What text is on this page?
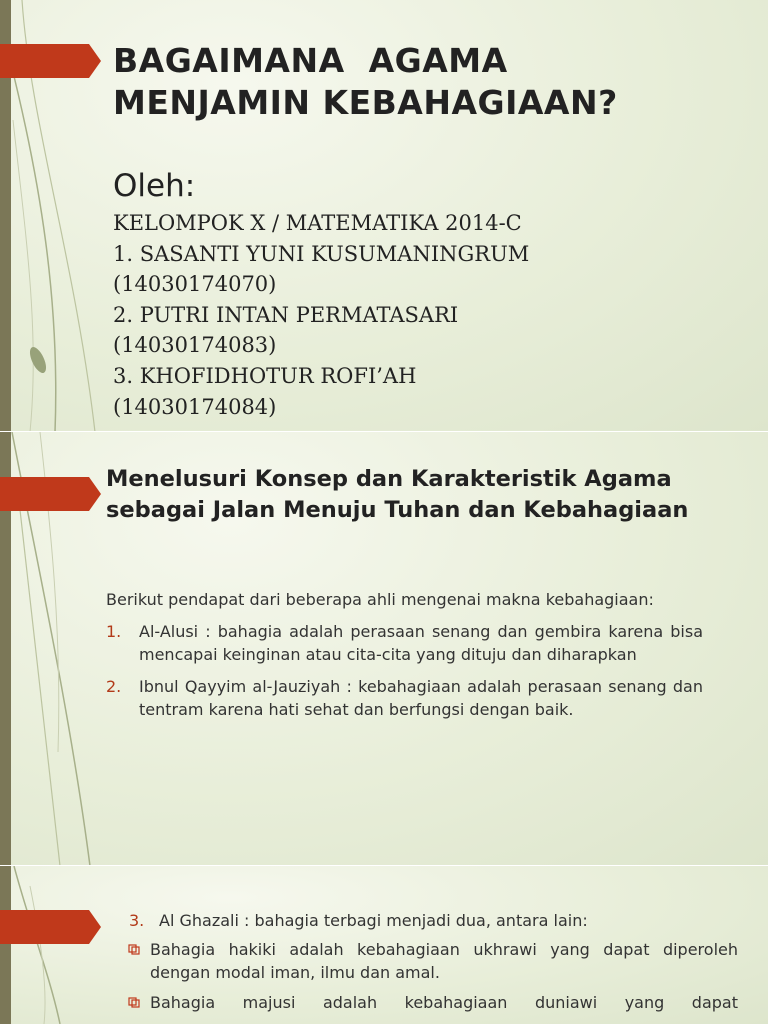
BAGAIMANA  AGAMA
MENJAMIN KEBAHAGIAAN?
Oleh:
KELOMPOK X / MATEMATIKA 2014-C
1. SASANTI YUNI KUSUMANINGRUM
(14030174070)
2. PUTRI INTAN PERMATASARI
(14030174083)
3. KHOFIDHOTUR ROFI’AH
(14030174084)
Menelusuri Konsep dan Karakteristik Agama sebagai Jalan Menuju Tuhan dan Kebahagiaan
Berikut pendapat dari beberapa ahli mengenai makna kebahagiaan:
1. Al-Alusi : bahagia adalah perasaan senang dan gembira karena bisa mencapai keinginan atau cita-cita yang dituju dan diharapkan
2. Ibnul Qayyim al-Jauziyah : kebahagiaan adalah perasaan senang dan tentram karena hati sehat dan berfungsi dengan baik.
3. Al Ghazali : bahagia terbagi menjadi dua, antara lain:
Bahagia hakiki adalah kebahagiaan ukhrawi yang dapat diperoleh dengan modal iman, ilmu dan amal.
Bahagia majusi adalah kebahagiaan duniawi yang dapat
